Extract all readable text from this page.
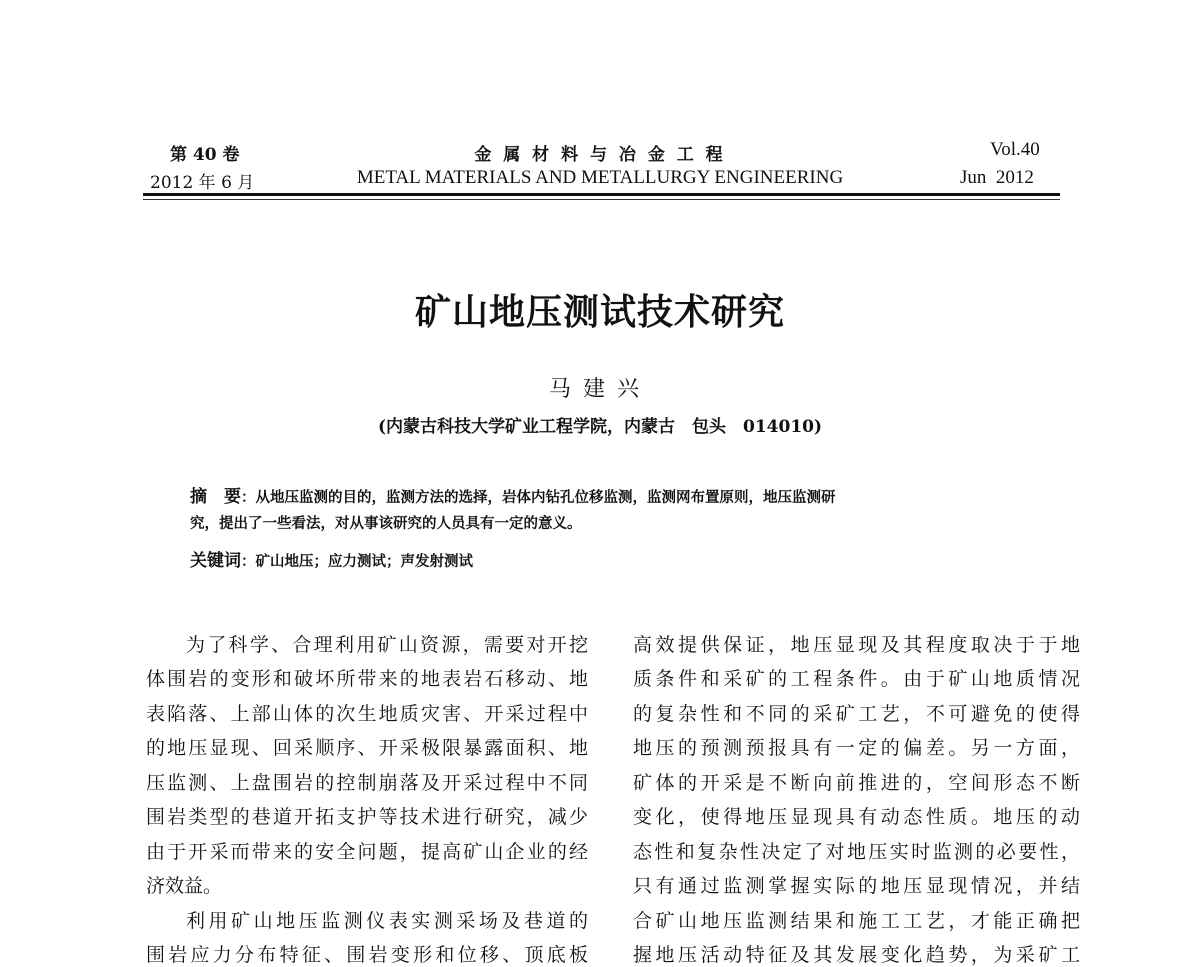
第 40 卷
2012 年 6 月
金 属 材 料 与 冶 金 工 程
METAL MATERIALS AND METALLURGY ENGINEERING
Vol.40
Jun  2012
矿山地压测试技术研究
马建兴
(内蒙古科技大学矿业工程学院，内蒙古　包头　014010)
摘　要：从地压监测的目的，监测方法的选择，岩体内钻孔位移监测，监测网布置原则，地压监测研
究，提出了一些看法，对从事该研究的人员具有一定的意义。
关键词：矿山地压；应力测试；声发射测试
为了科学、合理利用矿山资源，需要对开挖
体围岩的变形和破坏所带来的地表岩石移动、地
表陷落、上部山体的次生地质灾害、开采过程中
的地压显现、回采顺序、开采极限暴露面积、地
压监测、上盘围岩的控制崩落及开采过程中不同
围岩类型的巷道开拓支护等技术进行研究，减少
由于开采而带来的安全问题，提高矿山企业的经
济效益。
利用矿山地压监测仪表实测采场及巷道的
围岩应力分布特征、围岩变形和位移、顶底板
高效提供保证，地压显现及其程度取决于于地
质条件和采矿的工程条件。由于矿山地质情况
的复杂性和不同的采矿工艺，不可避免的使得
地压的预测预报具有一定的偏差。另一方面，
矿体的开采是不断向前推进的，空间形态不断
变化，使得地压显现具有动态性质。地压的动
态性和复杂性决定了对地压实时监测的必要性，
只有通过监测掌握实际的地压显现情况，并结
合矿山地压监测结果和施工工艺，才能正确把
握地压活动特征及其发展变化趋势，为采矿工
